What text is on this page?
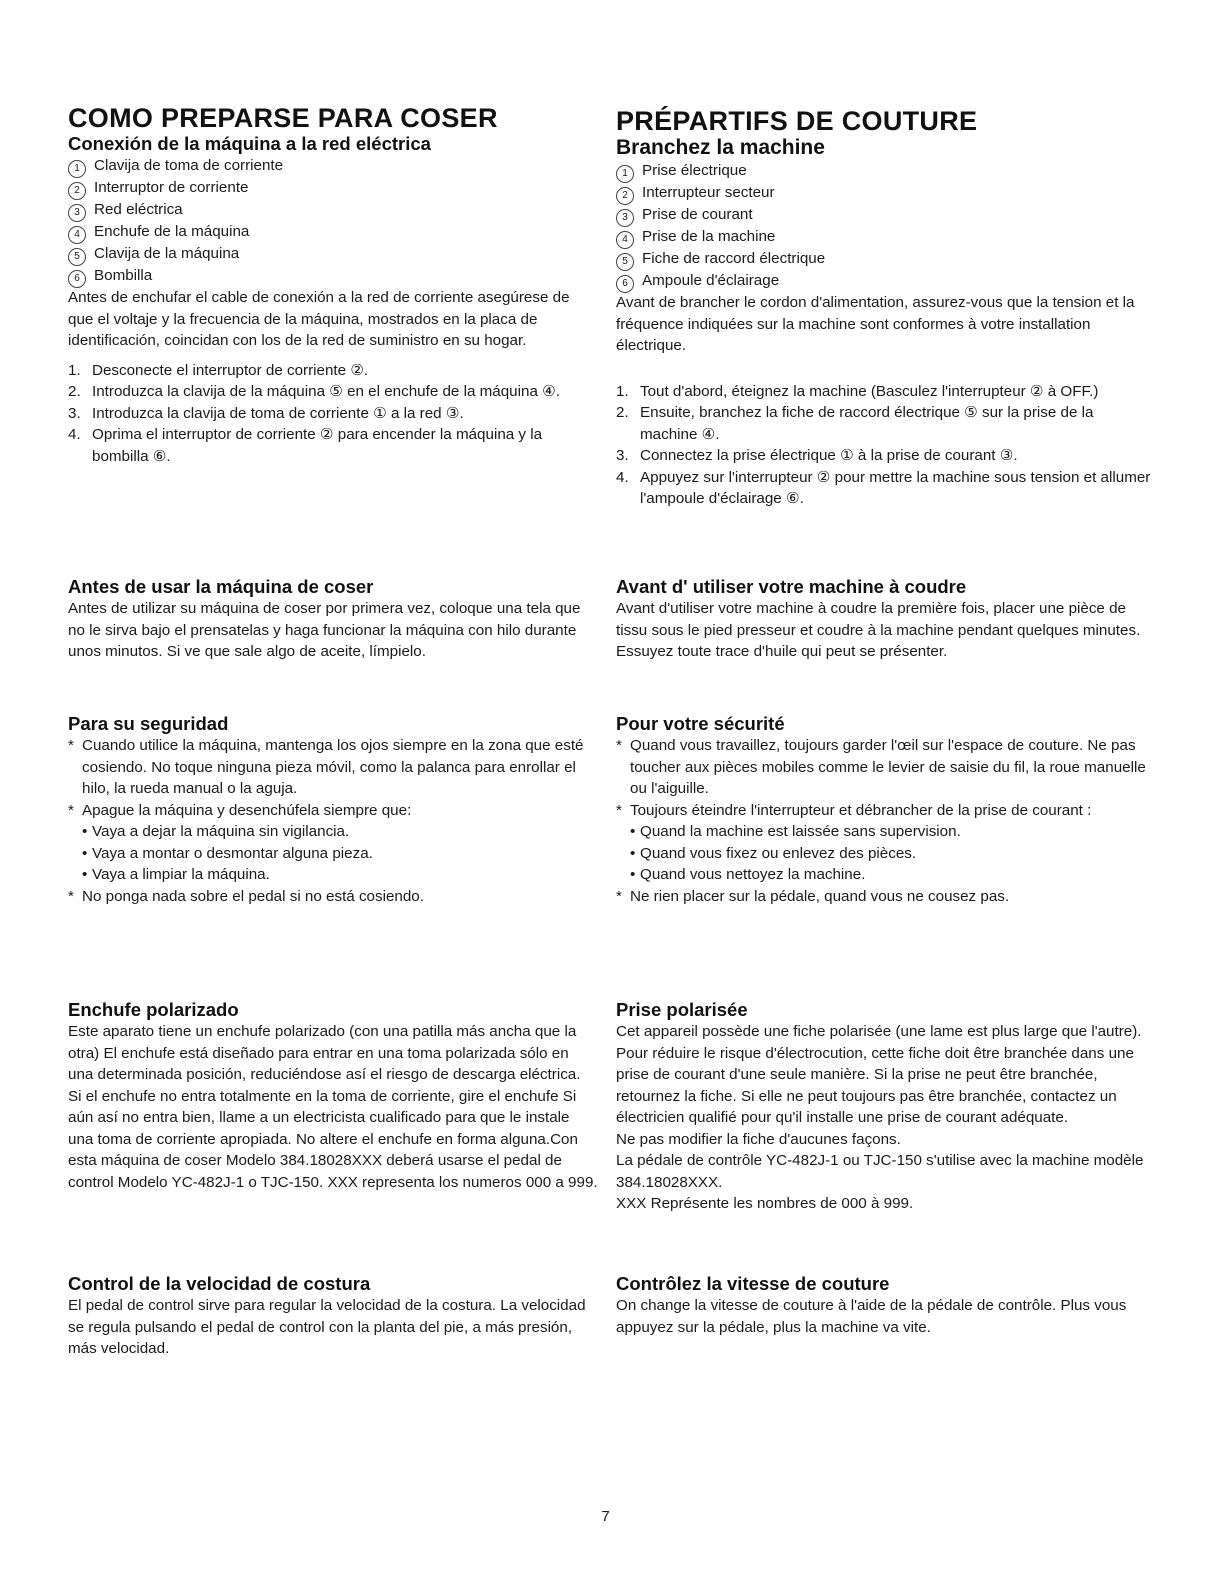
COMO PREPARSE PARA COSER
Conexión de la máquina a la red eléctrica
1 Clavija de toma de corriente
2 Interruptor de corriente
3 Red eléctrica
4 Enchufe de la máquina
5 Clavija de la máquina
6 Bombilla

Antes de enchufar el cable de conexión a la red de corriente asegúrese de que el voltaje y la frecuencia de la máquina, mostrados en la placa de identificación, coincidan con los de la red de suministro en su hogar.

1. Desconecte el interruptor de corriente ②.
2. Introduzca la clavija de la máquina ⑤ en el enchufe de la máquina ④.
3. Introduzca la clavija de toma de corriente ① a la red ③.
4. Oprima el interruptor de corriente ② para encender la máquina y la bombilla ⑥.
Antes de usar la máquina de coser

Antes de utilizar su máquina de coser por primera vez, coloque una tela que no le sirva bajo el prensatelas y haga funcionar la máquina con hilo durante unos minutos. Si ve que sale algo de aceite, límpielo.

Para su seguridad
* Cuando utilice la máquina, mantenga los ojos siempre en la zona que esté cosiendo. No toque ninguna pieza móvil, como la palanca para enrollar el hilo, la rueda manual o la aguja.
* Apague la máquina y desenchúfela siempre que:
• Vaya a dejar la máquina sin vigilancia.
• Vaya a montar o desmontar alguna pieza.
• Vaya a limpiar la máquina.
* No ponga nada sobre el pedal si no está cosiendo.
Enchufe polarizado

Este aparato tiene un enchufe polarizado (con una patilla más ancha que la otra) El enchufe está diseñado para entrar en una toma polarizada sólo en una determinada posición, reduciéndose así el riesgo de descarga eléctrica. Si el enchufe no entra totalmente en la toma de corriente, gire el enchufe Si aún así no entra bien, llame a un electricista cualificado para que le instale una toma de corriente apropiada. No altere el enchufe en forma alguna.Con esta máquina de coser Modelo 384.18028XXX deberá usarse el pedal de control Modelo YC-482J-1 o TJC-150. XXX representa los numeros 000 a 999.

Control de la velocidad de costura

El pedal de control sirve para regular la velocidad de la costura. La velocidad se regula pulsando el pedal de control con la planta del pie, a más presión, más velocidad.

PRÉPARTIFS DE COUTURE
Branchez la machine
1 Prise électrique
2 Interrupteur secteur
3 Prise de courant
4 Prise de la machine
5 Fiche de raccord électrique
6 Ampoule d'éclairage

Avant de brancher le cordon d'alimentation, assurez-vous que la tension et la fréquence indiquées sur la machine sont conformes à votre installation électrique.

1. Tout d'abord, éteignez la machine (Basculez l'interrupteur ② à OFF.)
2. Ensuite, branchez la fiche de raccord électrique ⑤ sur la prise de la machine ④.
3. Connectez la prise électrique ① à la prise de courant ③.
4. Appuyez sur l'interrupteur ② pour mettre la machine sous tension et allumer l'ampoule d'éclairage ⑥.
Avant d' utiliser votre machine à coudre

Avant d'utiliser votre machine à coudre la première fois, placer une pièce de tissu sous le pied presseur et coudre à la machine pendant quelques minutes. Essuyez toute trace d'huile qui peut se présenter.

Pour votre sécurité
* Quand vous travaillez, toujours garder l'œil sur l'espace de couture. Ne pas toucher aux pièces mobiles comme le levier de saisie du fil, la roue manuelle ou l'aiguille.
* Toujours éteindre l'interrupteur et débrancher de la prise de courant :
• Quand la machine est laissée sans supervision.
• Quand vous fixez ou enlevez des pièces.
• Quand vous nettoyez la machine.
* Ne rien placer sur la pédale, quand vous ne cousez pas.
Prise polarisée

Cet appareil possède une fiche polarisée (une lame est plus large que l'autre). Pour réduire le risque d'électrocution, cette fiche doit être branchée dans une prise de courant d'une seule manière. Si la prise ne peut être branchée, retournez la fiche. Si elle ne peut toujours pas être branchée, contactez un électricien qualifié pour qu'il installe une prise de courant adéquate.

Ne pas modifier la fiche d'aucunes façons.

La pédale de contrôle YC-482J-1 ou TJC-150 s'utilise avec la machine modèle 384.18028XXX.

XXX Représente les nombres de 000 à 999.

Contrôlez la vitesse de couture

On change la vitesse de couture à l'aide de la pédale de contrôle. Plus vous appuyez sur la pédale, plus la machine va vite.

7
